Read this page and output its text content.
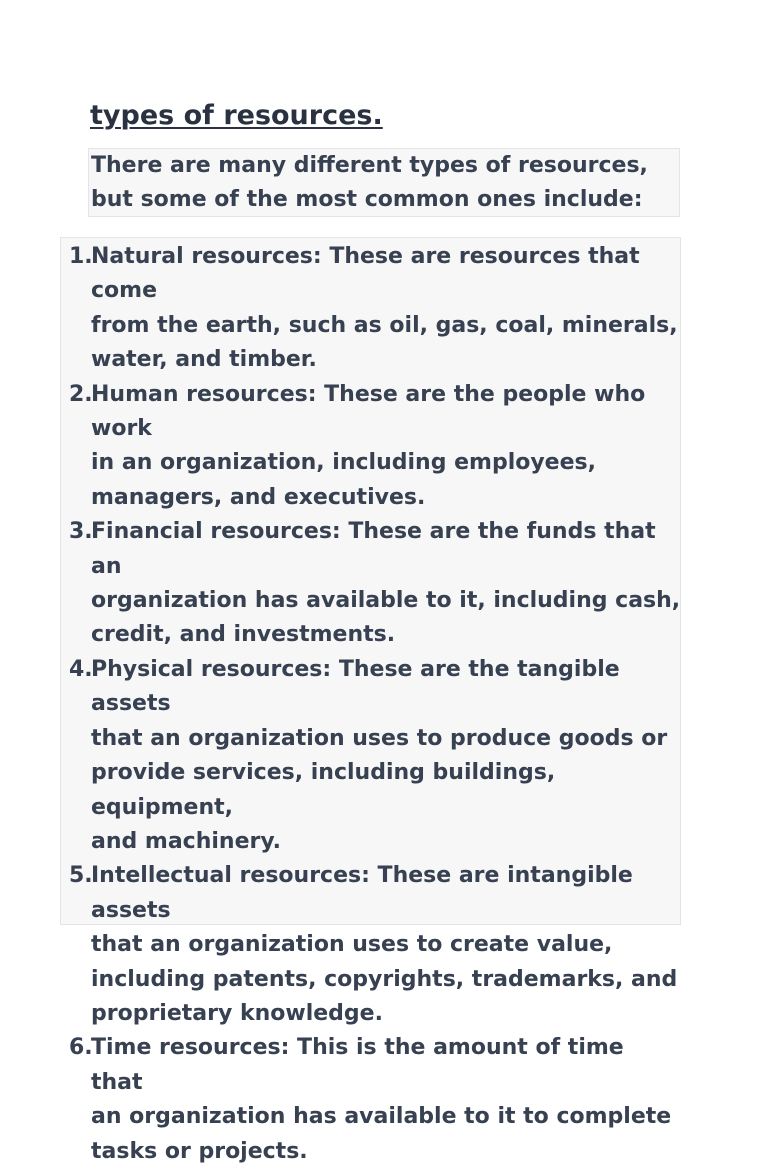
types of resources.
There are many different types of resources, but some of the most common ones include:
1.
Natural resources: These are resources that come
from the earth, such as oil, gas, coal, minerals,
water, and timber.
2.
Human resources: These are the people who work
in an organization, including employees,
managers, and executives.
3.
Financial resources: These are the funds that an
organization has available to it, including cash,
credit, and investments.
4.
Physical resources: These are the tangible assets
that an organization uses to produce goods or
provide services, including buildings, equipment,
and machinery.
5.
Intellectual resources: These are intangible assets
that an organization uses to create value,
including patents, copyrights, trademarks, and
proprietary knowledge.
6.
Time resources: This is the amount of time that
an organization has available to it to complete
tasks or projects.
